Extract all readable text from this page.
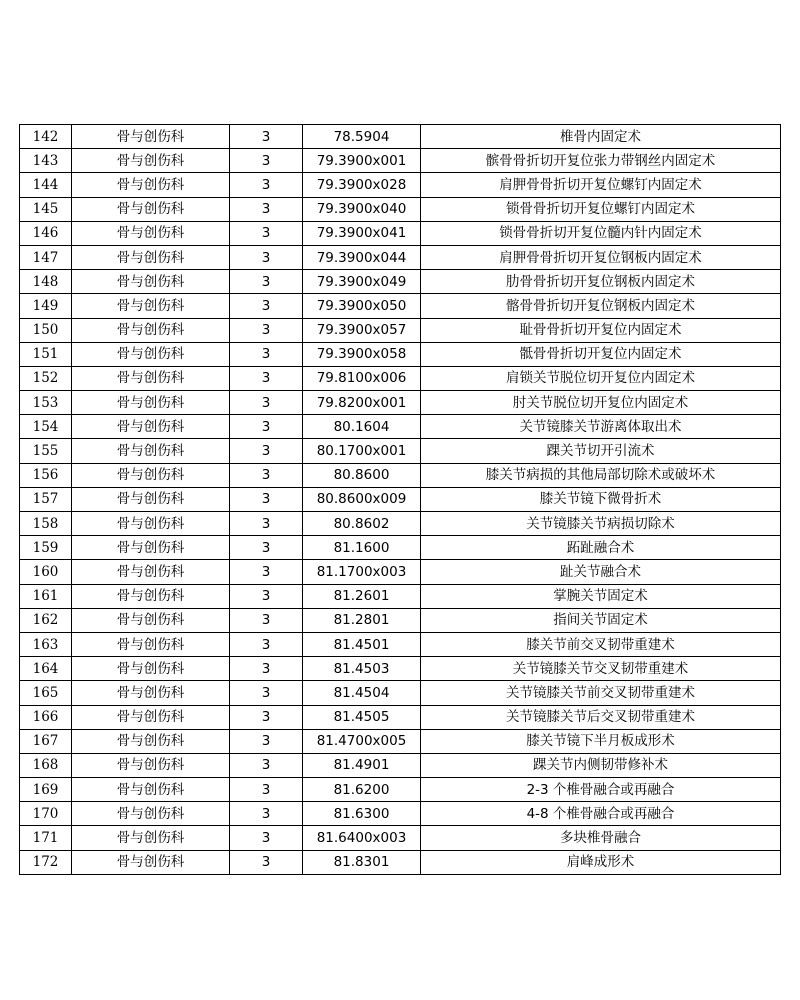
142	骨与创伤科	3	78.5904	椎骨内固定术
143	骨与创伤科	3	79.3900x001	髌骨骨折切开复位张力带钢丝内固定术
144	骨与创伤科	3	79.3900x028	肩胛骨骨折切开复位螺钉内固定术
145	骨与创伤科	3	79.3900x040	锁骨骨折切开复位螺钉内固定术
146	骨与创伤科	3	79.3900x041	锁骨骨折切开复位髓内针内固定术
147	骨与创伤科	3	79.3900x044	肩胛骨骨折切开复位钢板内固定术
148	骨与创伤科	3	79.3900x049	肋骨骨折切开复位钢板内固定术
149	骨与创伤科	3	79.3900x050	髂骨骨折切开复位钢板内固定术
150	骨与创伤科	3	79.3900x057	耻骨骨折切开复位内固定术
151	骨与创伤科	3	79.3900x058	骶骨骨折切开复位内固定术
152	骨与创伤科	3	79.8100x006	肩锁关节脱位切开复位内固定术
153	骨与创伤科	3	79.8200x001	肘关节脱位切开复位内固定术
154	骨与创伤科	3	80.1604	关节镜膝关节游离体取出术
155	骨与创伤科	3	80.1700x001	踝关节切开引流术
156	骨与创伤科	3	80.8600	膝关节病损的其他局部切除术或破坏术
157	骨与创伤科	3	80.8600x009	膝关节镜下微骨折术
158	骨与创伤科	3	80.8602	关节镜膝关节病损切除术
159	骨与创伤科	3	81.1600	跖趾融合术
160	骨与创伤科	3	81.1700x003	趾关节融合术
161	骨与创伤科	3	81.2601	掌腕关节固定术
162	骨与创伤科	3	81.2801	指间关节固定术
163	骨与创伤科	3	81.4501	膝关节前交叉韧带重建术
164	骨与创伤科	3	81.4503	关节镜膝关节交叉韧带重建术
165	骨与创伤科	3	81.4504	关节镜膝关节前交叉韧带重建术
166	骨与创伤科	3	81.4505	关节镜膝关节后交叉韧带重建术
167	骨与创伤科	3	81.4700x005	膝关节镜下半月板成形术
168	骨与创伤科	3	81.4901	踝关节内侧韧带修补术
169	骨与创伤科	3	81.6200	2-3 个椎骨融合或再融合
170	骨与创伤科	3	81.6300	4-8 个椎骨融合或再融合
171	骨与创伤科	3	81.6400x003	多块椎骨融合
172	骨与创伤科	3	81.8301	肩峰成形术
